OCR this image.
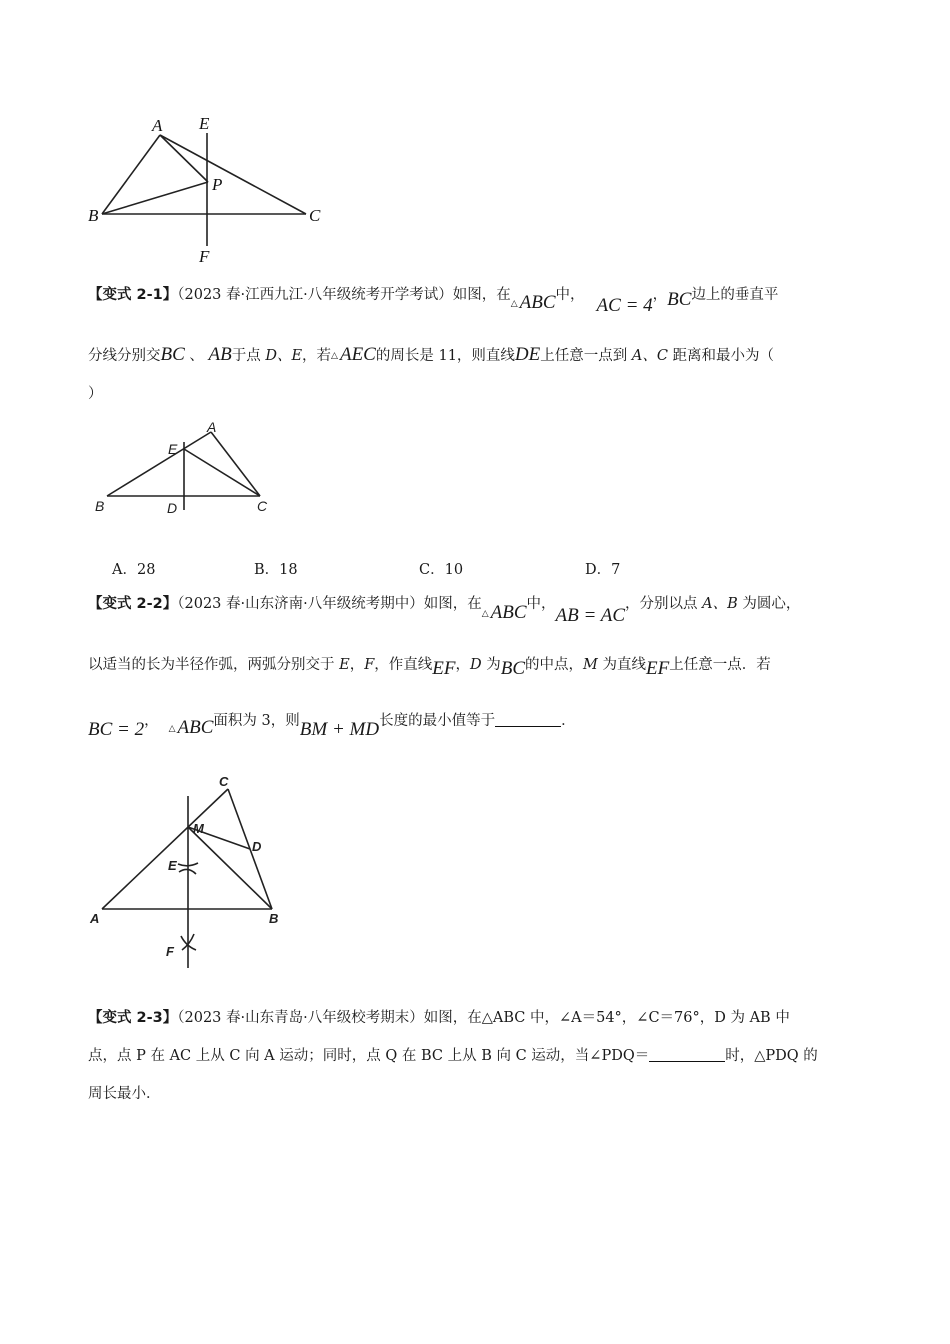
A E
P
B	C
F
【变式 2-1】（2023 春·江西九江·八年级统考开学考试）如图，在△ ABC中， AC = 4，BC边上的垂直平
分线分别交BC 、 AB于点 D、E，若△ AEC的周长是 11，则直线DE上任意一点到 A、C 距离和最小为（
）
A
E
B	D	C
A．28	B．18	C．10	D．7
【变式 2-2】（2023 春·山东济南·八年级统考期中）如图，在△ ABC中，AB = AC，分别以点 A、B 为圆心，
以适当的长为半径作弧，两弧分别交于 E，F，作直线EF，D 为BC的中点，M 为直线EF上任意一点．若
BC = 2， △ ABC面积为 3，则BM + MD长度的最小值等于	．
C
M
D
E
A	B
F
【变式 2-3】（2023 春·山东青岛·八年级校考期末）如图，在△ABC 中，∠A＝54°，∠C＝76°，D 为 AB 中
点，点 P 在 AC 上从 C 向 A 运动；同时，点 Q 在 BC 上从 B 向 C 运动，当∠PDQ＝	时，△PDQ 的
周长最小．
